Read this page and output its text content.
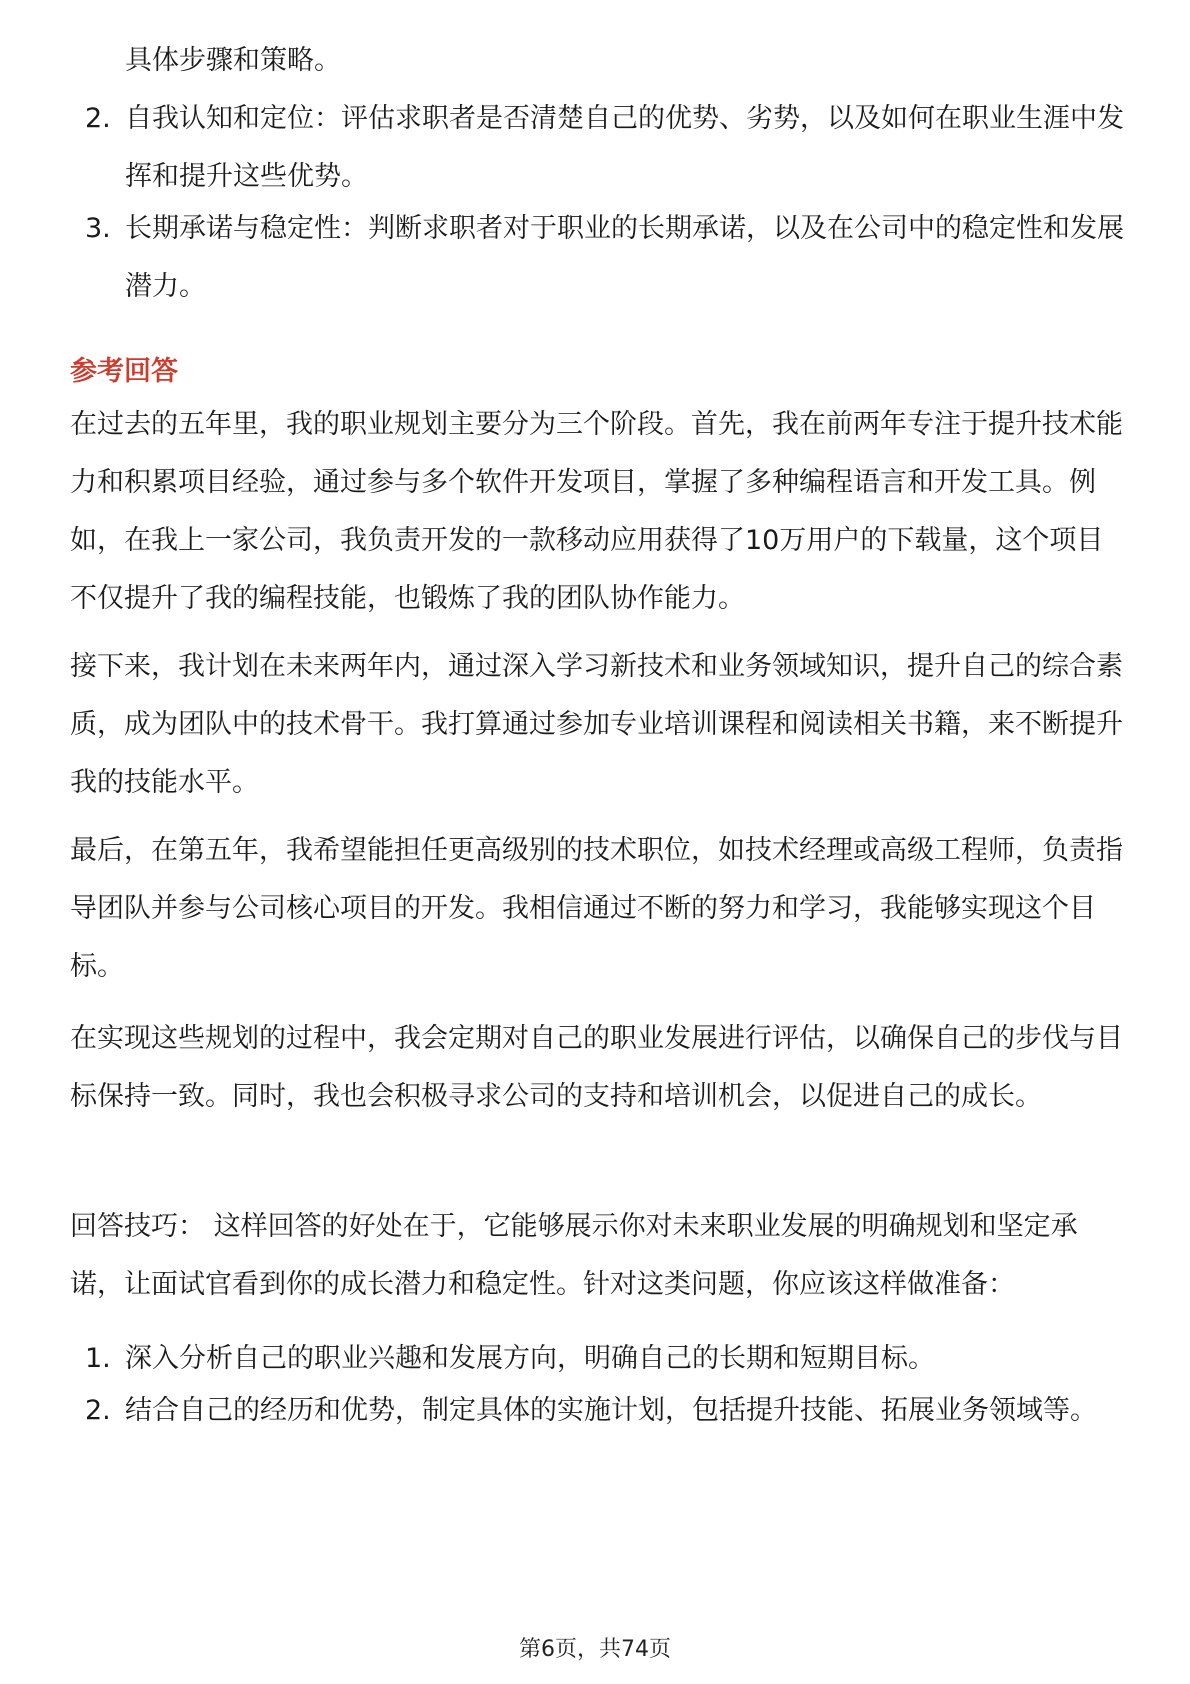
具体步骤和策略。
2. 自我认知和定位：评估求职者是否清楚自己的优势、劣势，以及如何在职业生涯中发挥和提升这些优势。
3. 长期承诺与稳定性：判断求职者对于职业的长期承诺，以及在公司中的稳定性和发展潜力。
参考回答

在过去的五年里，我的职业规划主要分为三个阶段。首先，我在前两年专注于提升技术能力和积累项目经验，通过参与多个软件开发项目，掌握了多种编程语言和开发工具。例如，在我上一家公司，我负责开发的一款移动应用获得了10万用户的下载量，这个项目不仅提升了我的编程技能，也锻炼了我的团队协作能力。

接下来，我计划在未来两年内，通过深入学习新技术和业务领域知识，提升自己的综合素质，成为团队中的技术骨干。我打算通过参加专业培训课程和阅读相关书籍，来不断提升我的技能水平。

最后，在第五年，我希望能担任更高级别的技术职位，如技术经理或高级工程师，负责指导团队并参与公司核心项目的开发。我相信通过不断的努力和学习，我能够实现这个目标。

在实现这些规划的过程中，我会定期对自己的职业发展进行评估，以确保自己的步伐与目标保持一致。同时，我也会积极寻求公司的支持和培训机会，以促进自己的成长。

回答技巧： 这样回答的好处在于，它能够展示你对未来职业发展的明确规划和坚定承诺，让面试官看到你的成长潜力和稳定性。针对这类问题，你应该这样做准备：

1. 深入分析自己的职业兴趣和发展方向，明确自己的长期和短期目标。
2. 结合自己的经历和优势，制定具体的实施计划，包括提升技能、拓展业务领域等。
第6页，共74页
